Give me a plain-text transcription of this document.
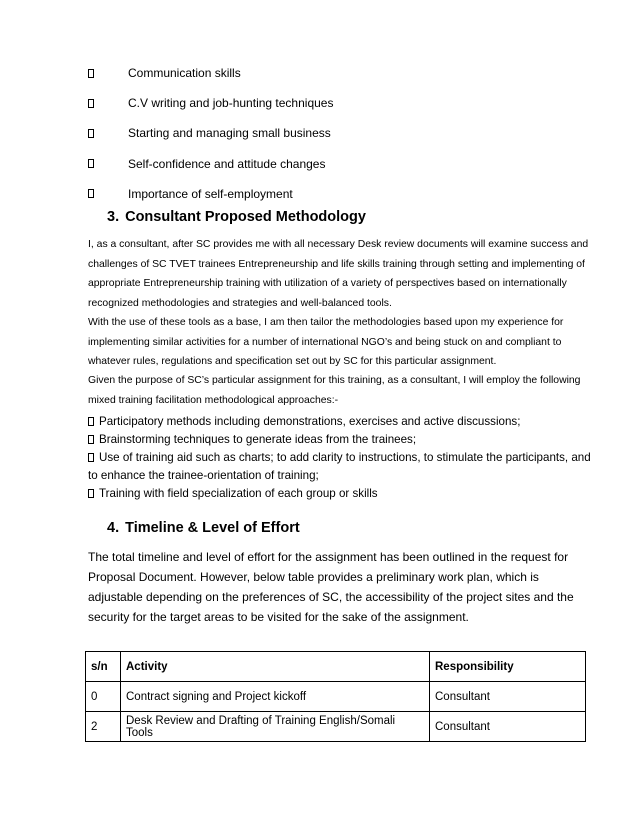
Communication skills
C.V writing and job-hunting techniques
Starting and managing small business
Self-confidence and attitude changes
Importance of self-employment
3. Consultant Proposed Methodology
I, as a consultant, after SC provides me with all necessary Desk review documents will examine success and challenges of SC TVET trainees Entrepreneurship and life skills training through setting and implementing of appropriate Entrepreneurship training with utilization of a variety of perspectives based on internationally recognized methodologies and strategies and well-balanced tools.
With the use of these tools as a base, I am then tailor the methodologies based upon my experience for implementing similar activities for a number of international NGO’s and being stuck on and compliant to whatever rules, regulations and specification set out by SC for this particular assignment.
Given the purpose of SC’s particular assignment for this training, as a consultant, I will employ the following mixed training facilitation methodological approaches:-
Participatory methods including demonstrations, exercises and active discussions;
Brainstorming techniques to generate ideas from the trainees;
Use of training aid such as charts; to add clarity to instructions, to stimulate the participants, and to enhance the trainee-orientation of training;
Training with field specialization of each group or skills
4. Timeline & Level of Effort
The total timeline and level of effort for the assignment has been outlined in the request for Proposal Document. However, below table provides a preliminary work plan, which is adjustable depending on the preferences of SC, the accessibility of the project sites and the security for the target areas to be visited for the sake of the assignment.
s/n	Activity	Responsibility
0	Contract signing and Project kickoff	Consultant
2	Desk Review and Drafting of Training English/Somali Tools	Consultant
